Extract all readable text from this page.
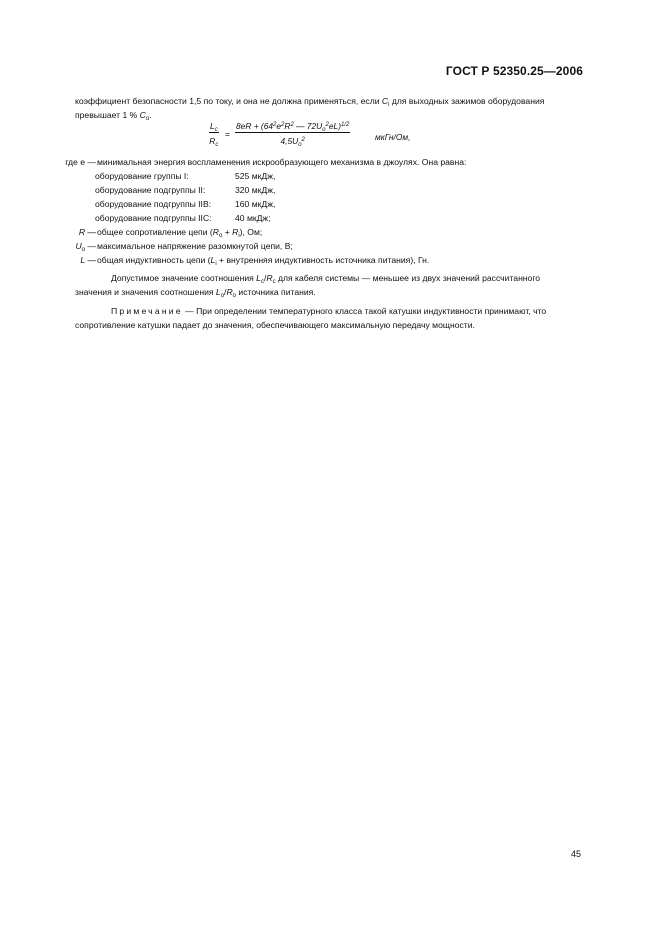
ГОСТ Р 52350.25—2006
коэффициент безопасности 1,5 по току, и она не должна применяться, если $C_i$ для выходных зажимов оборудования
превышает 1 % $C_о$.
$L_c$
$R_c$
=
$8eR + (64^2e^2R^2$ — $72U_o^2eL)^{1/2}$
$4,5U_o^2$	мкГн/Ом,
где e — минимальная энергия воспламенения искрообразующего механизма в джоулях. Она равна:
оборудование группы I:	525 мкДж,
оборудование подгруппы II:	320 мкДж,
оборудование подгруппы IIB:	160 мкДж,
оборудование подгруппы IIC:	40 мкДж;
R — общее сопротивление цепи $(R_o + R_i)$, Ом;
$U_o$ — максимальное напряжение разомкнутой цепи, В;
L — общая индуктивность цепи ($L_i$ + внутренняя индуктивность источника питания), Гн.
Допустимое значение соотношения $L_c/R_c$ для кабеля системы — меньшее из двух значений рассчитанного
значения и значения соотношения $L_o/R_o$ источника питания.
Примечание — При определении температурного класса такой катушки индуктивности принимают, что
сопротивление катушки падает до значения, обеспечивающего максимальную передачу мощности.
45
